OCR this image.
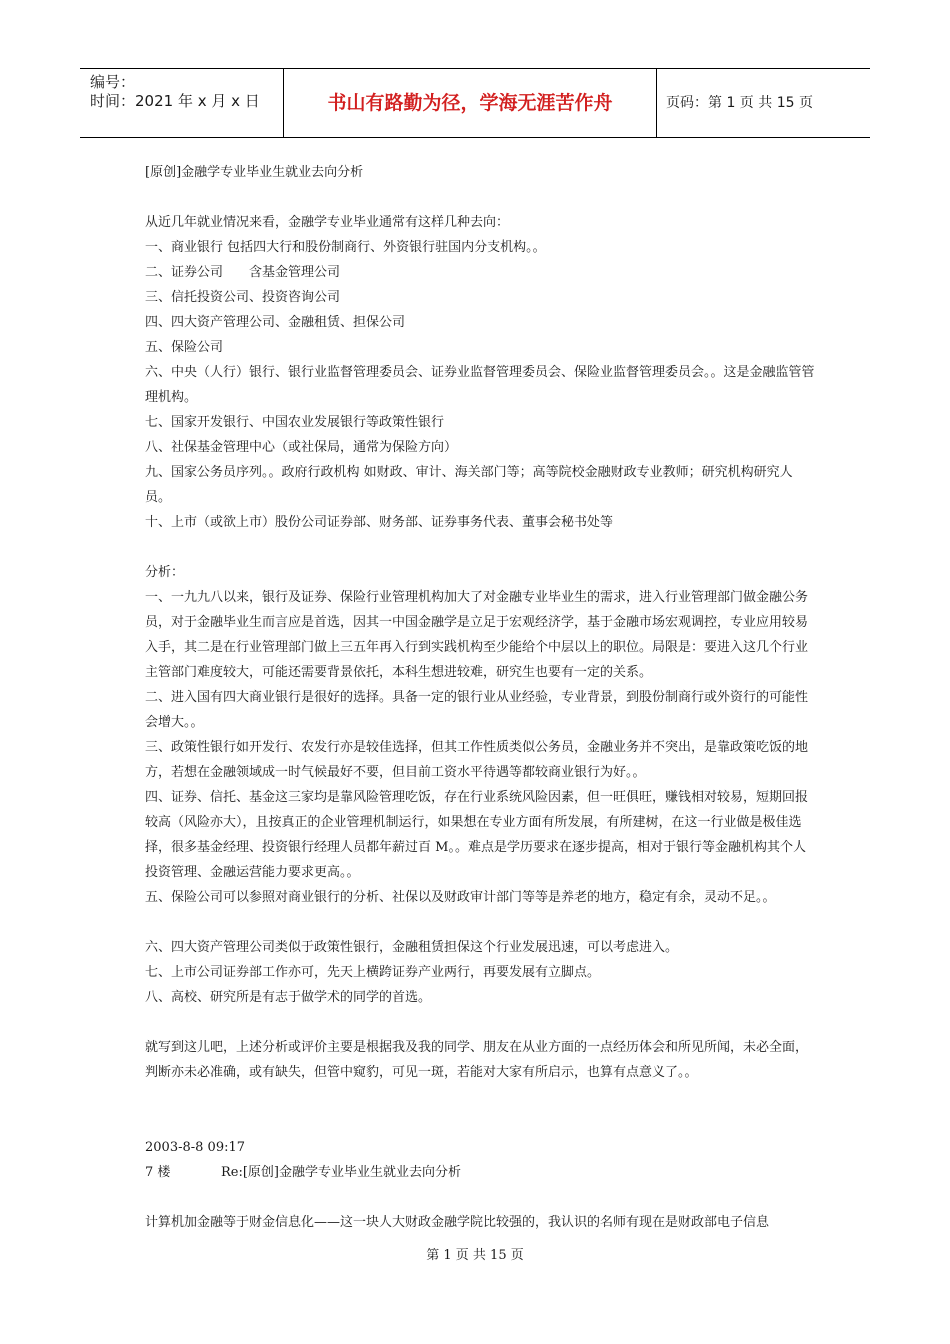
编号：
时间：2021 年 x 月 x 日	书山有路勤为径，学海无涯苦作舟	页码：第 1 页 共 15 页

[原创]金融学专业毕业生就业去向分析

从近几年就业情况来看，金融学专业毕业通常有这样几种去向：

一、商业银行 包括四大行和股份制商行、外资银行驻国内分支机构。。

二、证券公司　　含基金管理公司

三、信托投资公司、投资咨询公司

四、四大资产管理公司、金融租赁、担保公司

五、保险公司

六、中央（人行）银行、银行业监督管理委员会、证券业监督管理委员会、保险业监督管理委员会。。这是金融监管管理机构。

七、国家开发银行、中国农业发展银行等政策性银行

八、社保基金管理中心（或社保局，通常为保险方向）

九、国家公务员序列。。政府行政机构 如财政、审计、海关部门等；高等院校金融财政专业教师；研究机构研究人员。

十、上市（或欲上市）股份公司证券部、财务部、证券事务代表、董事会秘书处等

分析：

一、一九九八以来，银行及证券、保险行业管理机构加大了对金融专业毕业生的需求，进入行业管理部门做金融公务员，对于金融毕业生而言应是首选，因其一中国金融学是立足于宏观经济学，基于金融市场宏观调控，专业应用较易入手，其二是在行业管理部门做上三五年再入行到实践机构至少能给个中层以上的职位。局限是：要进入这几个行业主管部门难度较大，可能还需要背景依托，本科生想进较难，研究生也要有一定的关系。

二、进入国有四大商业银行是很好的选择。具备一定的银行业从业经验，专业背景，到股份制商行或外资行的可能性会增大。。

三、政策性银行如开发行、农发行亦是较佳选择，但其工作性质类似公务员，金融业务并不突出，是靠政策吃饭的地方，若想在金融领域成一时气候最好不要，但目前工资水平待遇等都较商业银行为好。。

四、证券、信托、基金这三家均是靠风险管理吃饭，存在行业系统风险因素，但一旺俱旺，赚钱相对较易，短期回报较高（风险亦大），且按真正的企业管理机制运行，如果想在专业方面有所发展，有所建树，在这一行业做是极佳选择，很多基金经理、投资银行经理人员都年薪过百 M。。难点是学历要求在逐步提高，相对于银行等金融机构其个人投资管理、金融运营能力要求更高。。

五、保险公司可以参照对商业银行的分析、社保以及财政审计部门等等是养老的地方，稳定有余，灵动不足。。

六、四大资产管理公司类似于政策性银行，金融租赁担保这个行业发展迅速，可以考虑进入。

七、上市公司证券部工作亦可，先天上横跨证券产业两行，再要发展有立脚点。

八、高校、研究所是有志于做学术的同学的首选。

就写到这儿吧，上述分析或评价主要是根据我及我的同学、朋友在从业方面的一点经历体会和所见所闻，未必全面，判断亦未必准确，或有缺失，但管中窥豹，可见一斑，若能对大家有所启示，也算有点意义了。。

2003-8-8 09:17

7 楼	Re:[原创]金融学专业毕业生就业去向分析

计算机加金融等于财金信息化——这一块人大财政金融学院比较强的，我认识的名师有现在是财政部电子信息

第 1 页 共 15 页
